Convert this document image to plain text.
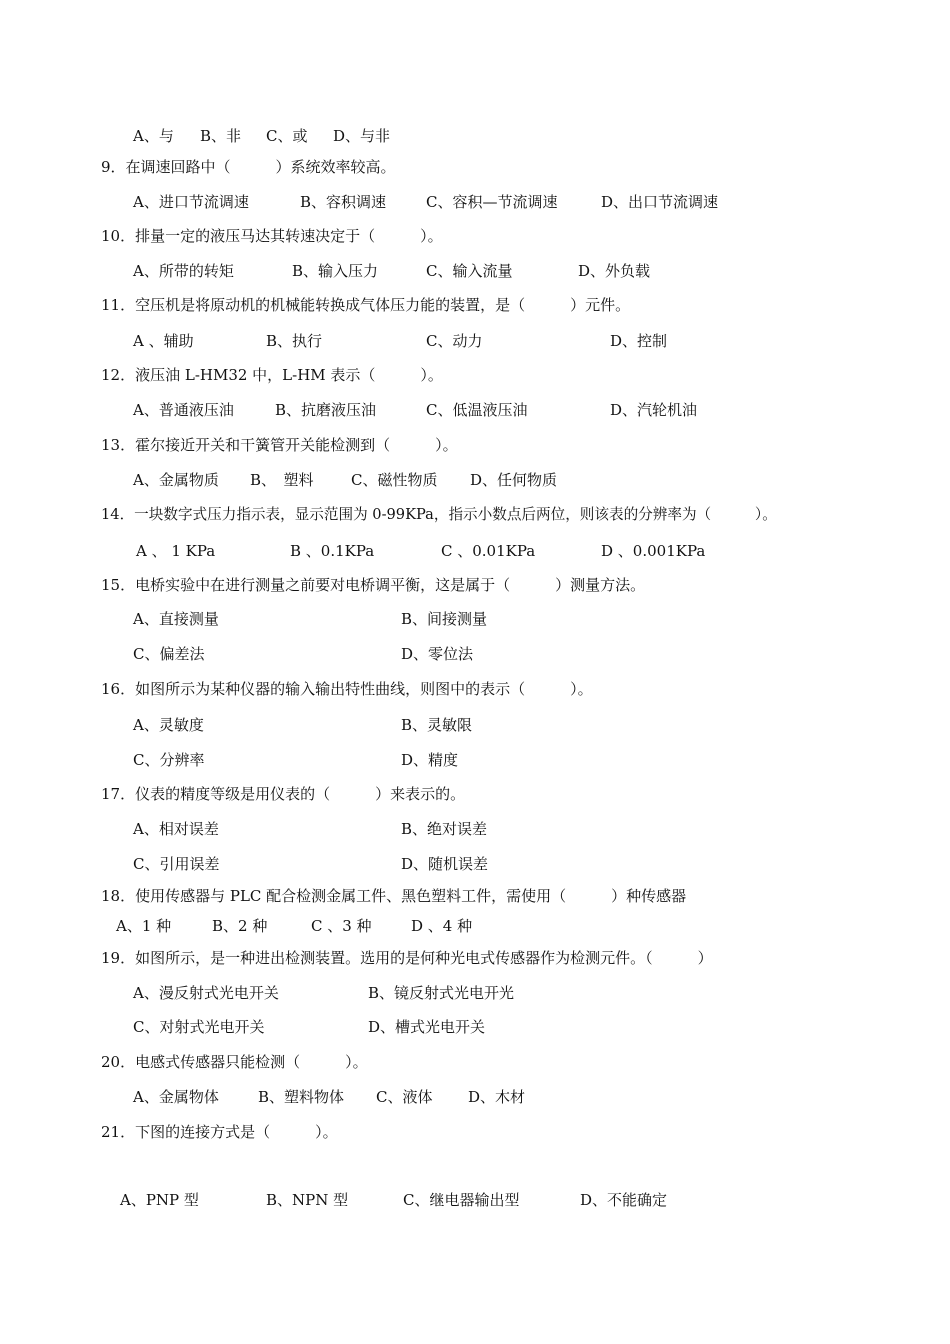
A、与 B、非 C、或 D、与非
9．在调速回路中（　　　）系统效率较高。
A、进口节流调速	B、容积调速	C、容积—节流调速	D、出口节流调速
10．排量一定的液压马达其转速决定于（　　　）。
A、所带的转矩	B、输入压力	C、输入流量	D、外负载
11．空压机是将原动机的机械能转换成气体压力能的装置，是（　　　）元件。
A 、辅助	B、执行	C、动力	D、控制
12．液压油 L-HM32 中，L-HM 表示（　　　）。
A、普通液压油	B、抗磨液压油	C、低温液压油	D、汽轮机油
13．霍尔接近开关和干簧管开关能检测到（　　　）。
A、金属物质 B、　塑料 C、磁性物质 D、任何物质
14．一块数字式压力指示表，显示范围为 0-99KPa，指示小数点后两位，则该表的分辨率为（　　　）。
A 、 1 KPa	B 、0.1KPa	C 、0.01KPa	D 、0.001KPa
15．电桥实验中在进行测量之前要对电桥调平衡，这是属于（　　　）测量方法。
A、直接测量	B、间接测量
C、偏差法	D、零位法
16．如图所示为某种仪器的输入输出特性曲线，则图中的表示（　　　）。
A、灵敏度	B、灵敏限
C、分辨率	D、精度
17．仪表的精度等级是用仪表的（　　　）来表示的。
A、相对误差	B、绝对误差
C、引用误差	D、随机误差
18．使用传感器与 PLC 配合检测金属工件、黑色塑料工件，需使用（　　　）种传感器
A、1 种	B、2 种	C 、3 种	D 、4 种
19．如图所示，是一种进出检测装置。选用的是何种光电式传感器作为检测元件。（　　　）
A、漫反射式光电开关	B、镜反射式光电开光
C、对射式光电开关	D、槽式光电开关
20．电感式传感器只能检测（　　　）。
A、金属物体	B、塑料物体 C、液体 D、木材
21．下图的连接方式是（　　　）。
A、PNP 型	B、NPN 型	C、继电器输出型	D、不能确定
